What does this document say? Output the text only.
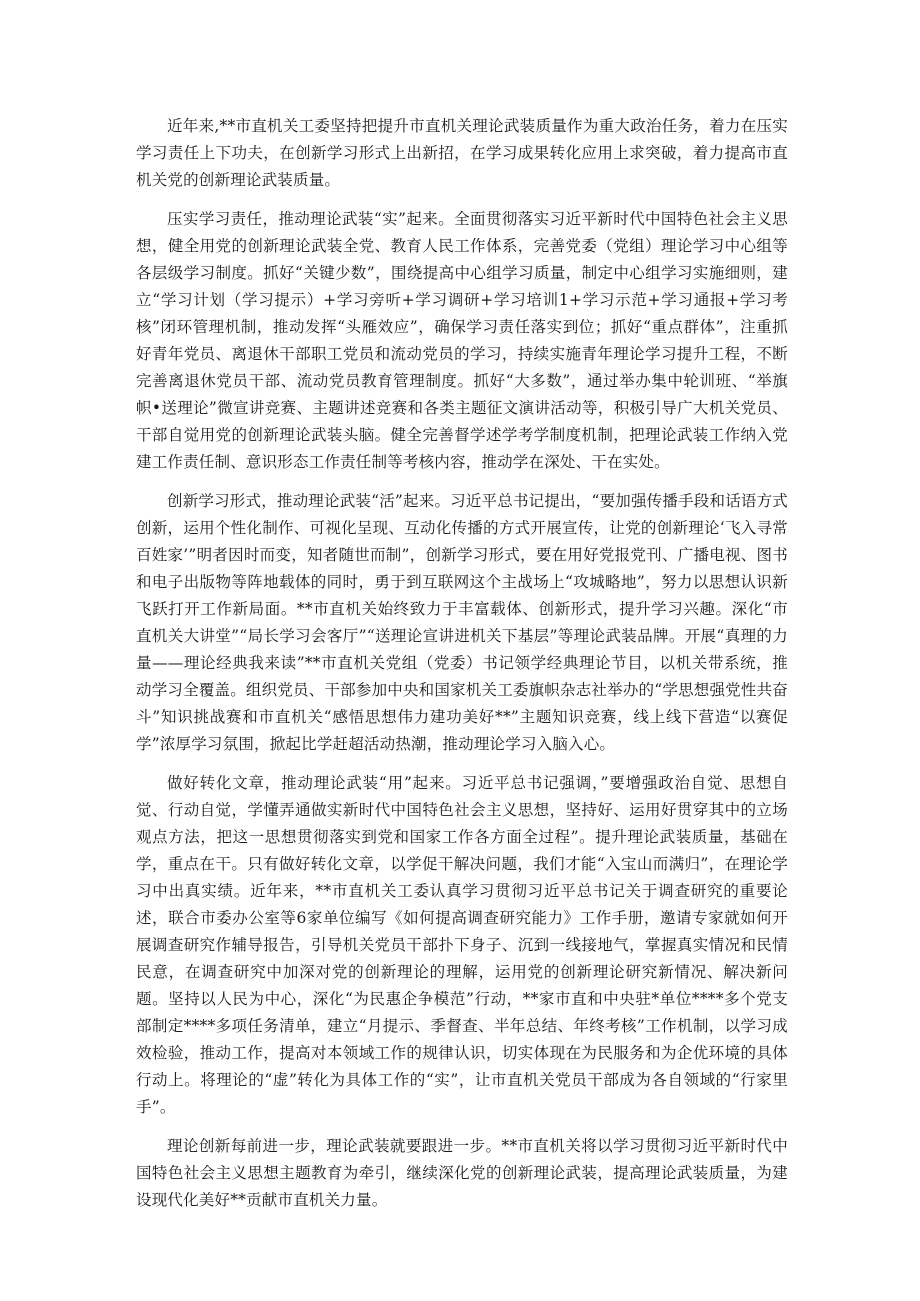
近年来,**市直机关工委坚持把提升市直机关理论武装质量作为重大政治任务，着力在压实学习责任上下功夫，在创新学习形式上出新招，在学习成果转化应用上求突破，着力提高市直机关党的创新理论武装质量。

压实学习责任，推动理论武装“实”起来。全面贯彻落实习近平新时代中国特色社会主义思想，健全用党的创新理论武装全党、教育人民工作体系，完善党委（党组）理论学习中心组等各层级学习制度。抓好“关键少数”，围绕提高中心组学习质量，制定中心组学习实施细则，建立“学习计划（学习提示）+学习旁听+学习调研+学习培训1+学习示范+学习通报+学习考核”闭环管理机制，推动发挥“头雁效应”，确保学习责任落实到位；抓好“重点群体”，注重抓好青年党员、离退休干部职工党员和流动党员的学习，持续实施青年理论学习提升工程，不断完善离退休党员干部、流动党员教育管理制度。抓好“大多数”，通过举办集中轮训班、“举旗帜•送理论”微宣讲竞赛、主题讲述竞赛和各类主题征文演讲活动等，积极引导广大机关党员、干部自觉用党的创新理论武装头脑。健全完善督学述学考学制度机制，把理论武装工作纳入党建工作责任制、意识形态工作责任制等考核内容，推动学在深处、干在实处。

创新学习形式，推动理论武装“活”起来。习近平总书记提出，“要加强传播手段和话语方式创新，运用个性化制作、可视化呈现、互动化传播的方式开展宣传，让党的创新理论‘飞入寻常百姓家’”明者因时而变，知者随世而制”，创新学习形式，要在用好党报党刊、广播电视、图书和电子出版物等阵地载体的同时，勇于到互联网这个主战场上“攻城略地”，努力以思想认识新飞跃打开工作新局面。**市直机关始终致力于丰富载体、创新形式，提升学习兴趣。深化“市直机关大讲堂”“局长学习会客厅”“送理论宣讲进机关下基层”等理论武装品牌。开展“真理的力量——理论经典我来读”**市直机关党组（党委）书记领学经典理论节目，以机关带系统，推动学习全覆盖。组织党员、干部参加中央和国家机关工委旗帜杂志社举办的“学思想强党性共奋斗”知识挑战赛和市直机关“感悟思想伟力建功美好**”主题知识竞赛，线上线下营造“以赛促学”浓厚学习氛围，掀起比学赶超活动热潮，推动理论学习入脑入心。

做好转化文章，推动理论武装“用”起来。习近平总书记强调，”要增强政治自觉、思想自觉、行动自觉，学懂弄通做实新时代中国特色社会主义思想，坚持好、运用好贯穿其中的立场观点方法，把这一思想贯彻落实到党和国家工作各方面全过程”。提升理论武装质量，基础在学，重点在干。只有做好转化文章，以学促干解决问题，我们才能“入宝山而满归”，在理论学习中出真实绩。近年来，**市直机关工委认真学习贯彻习近平总书记关于调查研究的重要论述，联合市委办公室等6家单位编写《如何提高调查研究能力》工作手册，邀请专家就如何开展调查研究作辅导报告，引导机关党员干部扑下身子、沉到一线接地气，掌握真实情况和民情民意，在调查研究中加深对党的创新理论的理解，运用党的创新理论研究新情况、解决新问题。坚持以人民为中心，深化“为民惠企争模范”行动，**家市直和中央驻*单位****多个党支部制定****多项任务清单，建立“月提示、季督查、半年总结、年终考核”工作机制，以学习成效检验，推动工作，提高对本领域工作的规律认识，切实体现在为民服务和为企优环境的具体行动上。将理论的“虚”转化为具体工作的“实”，让市直机关党员干部成为各自领域的“行家里手”。

理论创新每前进一步，理论武装就要跟进一步。**市直机关将以学习贯彻习近平新时代中国特色社会主义思想主题教育为牵引，继续深化党的创新理论武装，提高理论武装质量，为建设现代化美好**贡献市直机关力量。
